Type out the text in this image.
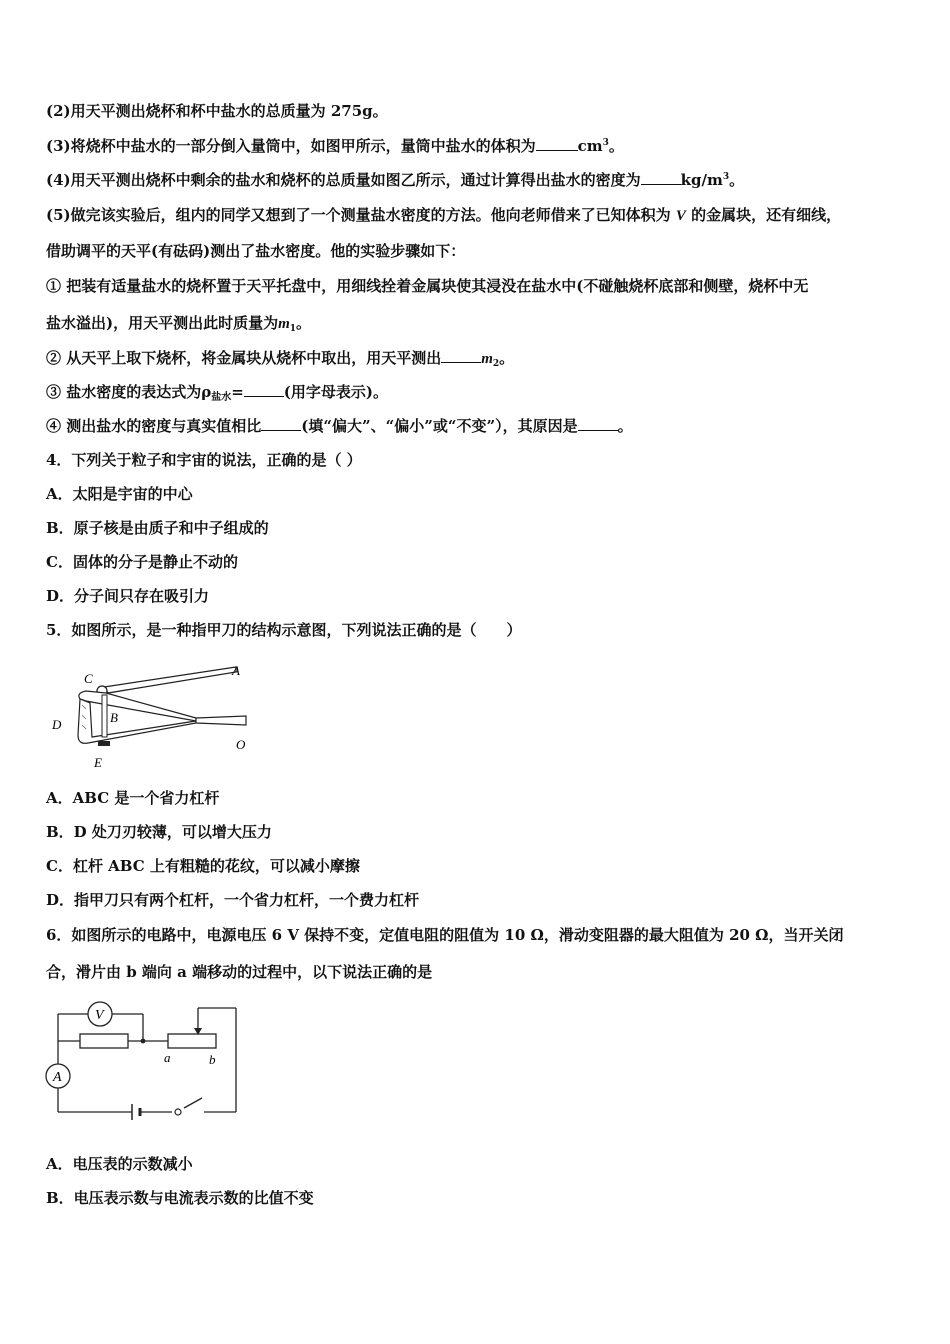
(2)用天平测出烧杯和杯中盐水的总质量为 275g。
(3)将烧杯中盐水的一部分倒入量筒中，如图甲所示，量筒中盐水的体积为	$cm^3$。
(4)用天平测出烧杯中剩余的盐水和烧杯的总质量如图乙所示，通过计算得出盐水的密度为	$kg/m^3$。
(5)做完该实验后，组内的同学又想到了一个测量盐水密度的方法。他向老师借来了已知体积为 V 的金属块，还有细线，
借助调平的天平(有砝码)测出了盐水密度。他的实验步骤如下：
① 把装有适量盐水的烧杯置于天平托盘中，用细线拴着金属块使其浸没在盐水中(不碰触烧杯底部和侧壁，烧杯中无
盐水溢出)，用天平测出此时质量为$m_1$。
② 从天平上取下烧杯，将金属块从烧杯中取出，用天平测出	$m_2$。
③ 盐水密度的表达式为$\rho_{盐水}=$	(用字母表示)。
④ 测出盐水的密度与真实值相比	(填“偏大”、“偏小”或“不变”），其原因是	。
4．下列关于粒子和宇宙的说法，正确的是（ ）
A．太阳是宇宙的中心
B．原子核是由质子和中子组成的
C．固体的分子是静止不动的
D．分子间只存在吸引力
5．如图所示，是一种指甲刀的结构示意图，下列说法正确的是（　　）
A
B
C
D
E
O
A．ABC 是一个省力杠杆
B．D 处刀刃较薄，可以增大压力
C．杠杆 ABC 上有粗糙的花纹，可以减小摩擦
D．指甲刀只有两个杠杆，一个省力杠杆，一个费力杠杆
6．如图所示的电路中，电源电压 6 V 保持不变，定值电阻的阻值为 10 Ω，滑动变阻器的最大阻值为 20 Ω，当开关闭
合，滑片由 b 端向 a 端移动的过程中，以下说法正确的是
V
A
a	b
A．电压表的示数减小
B．电压表示数与电流表示数的比值不变
